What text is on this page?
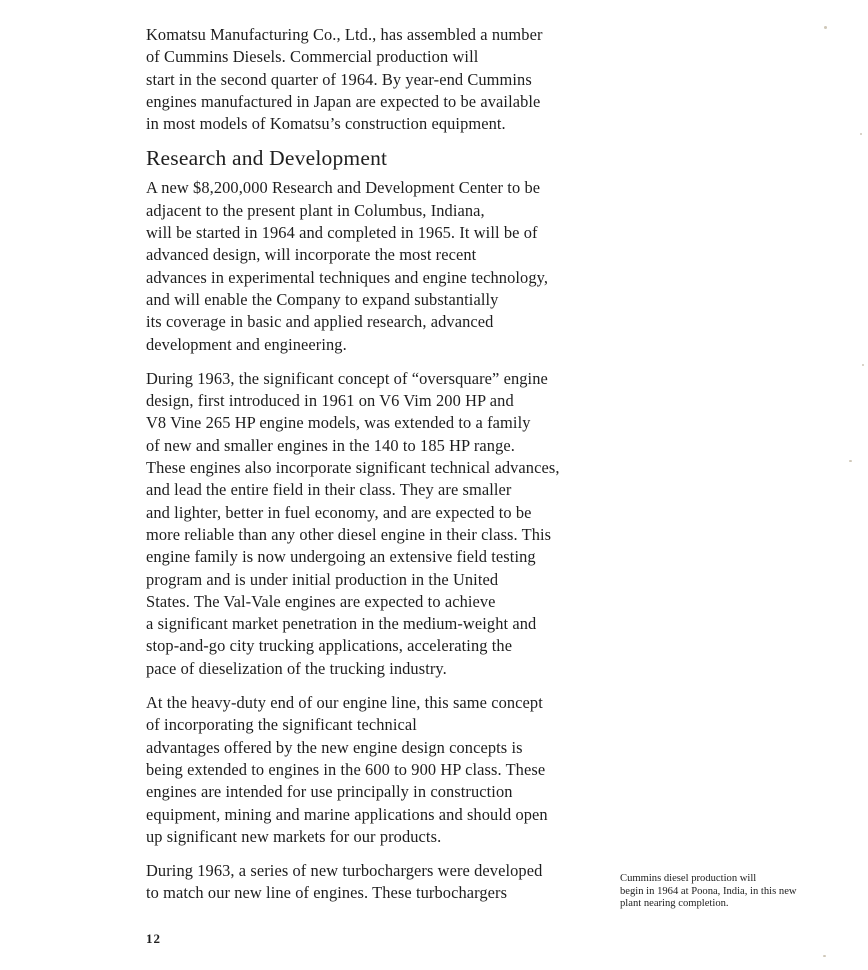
Komatsu Manufacturing Co., Ltd., has assembled a number
of Cummins Diesels. Commercial production will
start in the second quarter of 1964. By year-end Cummins
engines manufactured in Japan are expected to be available
in most models of Komatsu’s construction equipment.

Research and Development

A new $8,200,000 Research and Development Center to be
adjacent to the present plant in Columbus, Indiana,
will be started in 1964 and completed in 1965. It will be of
advanced design, will incorporate the most recent
advances in experimental techniques and engine technology,
and will enable the Company to expand substantially
its coverage in basic and applied research, advanced
development and engineering.

During 1963, the significant concept of “oversquare” engine
design, first introduced in 1961 on V6 Vim 200 HP and
V8 Vine 265 HP engine models, was extended to a family
of new and smaller engines in the 140 to 185 HP range.
These engines also incorporate significant technical advances,
and lead the entire field in their class. They are smaller
and lighter, better in fuel economy, and are expected to be
more reliable than any other diesel engine in their class. This
engine family is now undergoing an extensive field testing
program and is under initial production in the United
States. The Val-Vale engines are expected to achieve
a significant market penetration in the medium-weight and
stop-and-go city trucking applications, accelerating the
pace of dieselization of the trucking industry.

At the heavy-duty end of our engine line, this same concept
of incorporating the significant technical
advantages offered by the new engine design concepts is
being extended to engines in the 600 to 900 HP class. These
engines are intended for use principally in construction
equipment, mining and marine applications and should open
up significant new markets for our products.

During 1963, a series of new turbochargers were developed
to match our new line of engines. These turbochargers

Cummins diesel production will
begin in 1964 at Poona, India, in this new
plant nearing completion.
12
